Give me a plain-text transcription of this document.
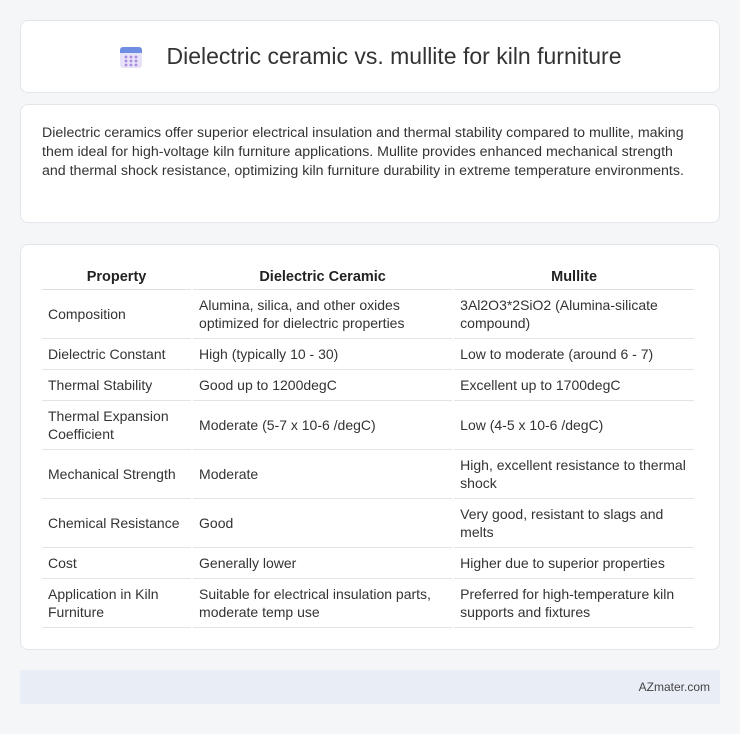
Dielectric ceramic vs. mullite for kiln furniture

Dielectric ceramics offer superior electrical insulation and thermal stability compared to mullite, making them ideal for high-voltage kiln furniture applications. Mullite provides enhanced mechanical strength and thermal shock resistance, optimizing kiln furniture durability in extreme temperature environments.

Property	Dielectric Ceramic	Mullite
Composition	Alumina, silica, and other oxides optimized for dielectric properties	3Al2O3*2SiO2 (Alumina-silicate compound)
Dielectric Constant	High (typically 10 - 30)	Low to moderate (around 6 - 7)
Thermal Stability	Good up to 1200degC	Excellent up to 1700degC
Thermal Expansion Coefficient	Moderate (5-7 x 10-6 /degC)	Low (4-5 x 10-6 /degC)
Mechanical Strength	Moderate	High, excellent resistance to thermal shock
Chemical Resistance	Good	Very good, resistant to slags and melts
Cost	Generally lower	Higher due to superior properties
Application in Kiln Furniture	Suitable for electrical insulation parts, moderate temp use	Preferred for high-temperature kiln supports and fixtures
AZmater.com
